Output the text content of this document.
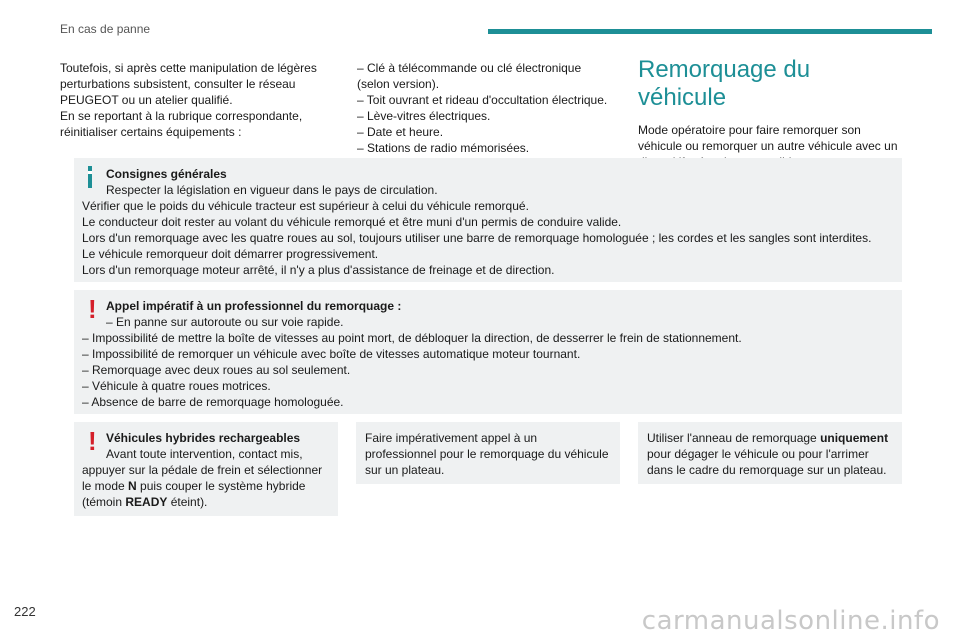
En cas de panne

Toutefois, si après cette manipulation de légères

perturbations subsistent, consulter le réseau

PEUGEOT ou un atelier qualifié.

En se reportant à la rubrique correspondante,

réinitialiser certains équipements :

– Clé à télécommande ou clé électronique

(selon version).

– Toit ouvrant et rideau d'occultation électrique.

– Lève-vitres électriques.

– Date et heure.

– Stations de radio mémorisées.

Remorquage du véhicule

Mode opératoire pour faire remorquer son

véhicule ou remorquer un autre véhicule avec un

Consignes générales

Respecter la législation en vigueur dans le pays de circulation.

Vérifier que le poids du véhicule tracteur est supérieur à celui du véhicule remorqué.

Le conducteur doit rester au volant du véhicule remorqué et être muni d'un permis de conduire valide.

Lors d'un remorquage avec les quatre roues au sol, toujours utiliser une barre de remorquage homologuée ; les cordes et les sangles sont interdites.

Le véhicule remorqueur doit démarrer progressivement.

Lors d'un remorquage moteur arrêté, il n'y a plus d'assistance de freinage et de direction.

! Appel impératif à un professionnel du remorquage :

– En panne sur autoroute ou sur voie rapide.

– Impossibilité de mettre la boîte de vitesses au point mort, de débloquer la direction, de desserrer le frein de stationnement.

– Impossibilité de remorquer un véhicule avec boîte de vitesses automatique moteur tournant.

– Remorquage avec deux roues au sol seulement.

– Véhicule à quatre roues motrices.

– Absence de barre de remorquage homologuée.

! Véhicules hybrides rechargeables

Avant toute intervention, contact mis,

appuyer sur la pédale de frein et sélectionner

le mode N puis couper le système hybride

(témoin READY éteint).

Faire impérativement appel à un

professionnel pour le remorquage du véhicule

sur un plateau.

Utiliser l'anneau de remorquage uniquement

pour dégager le véhicule ou pour l'arrimer

dans le cadre du remorquage sur un plateau.

222	carmanualsonline.info
